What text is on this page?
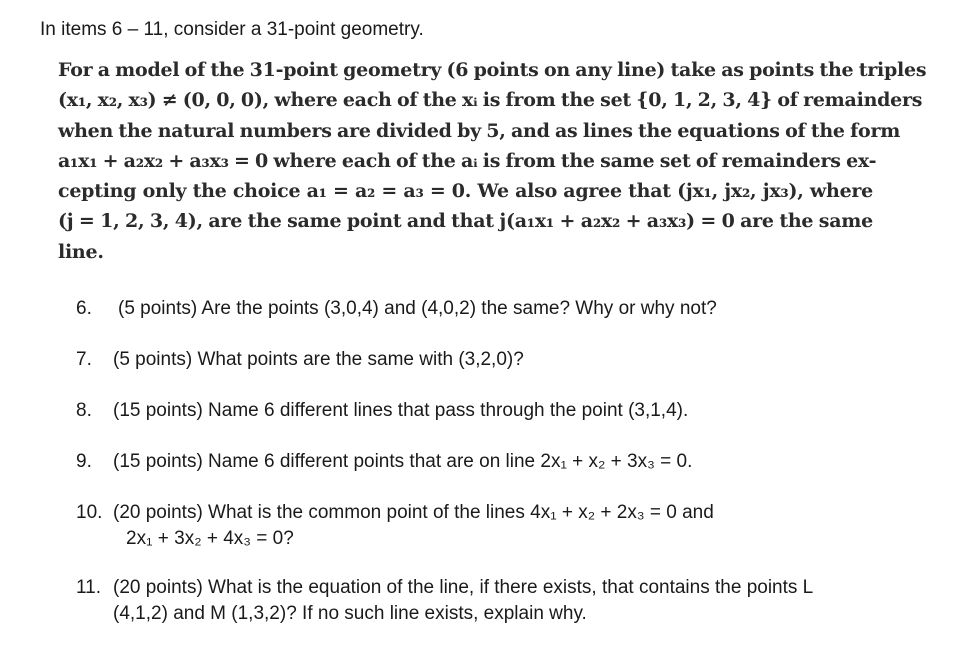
In items 6 – 11, consider a 31-point geometry.
For a model of the 31-point geometry (6 points on any line) take as points the triples
(x₁, x₂, x₃) ≠ (0, 0, 0), where each of the xᵢ is from the set {0, 1, 2, 3, 4} of remainders
when the natural numbers are divided by 5, and as lines the equations of the form
a₁x₁ + a₂x₂ + a₃x₃ = 0 where each of the aᵢ is from the same set of remainders ex-
cepting only the choice a₁ = a₂ = a₃ = 0. We also agree that (jx₁, jx₂, jx₃), where
(j = 1, 2, 3, 4), are the same point and that j(a₁x₁ + a₂x₂ + a₃x₃) = 0 are the same
line.
6. (5 points) Are the points (3,0,4) and (4,0,2) the same? Why or why not?
7. (5 points) What points are the same with (3,2,0)?
8. (15 points) Name 6 different lines that pass through the point (3,1,4).
9. (15 points) Name 6 different points that are on line 2x₁ + x₂ + 3x₃ = 0.
10. (20 points) What is the common point of the lines 4x₁ + x₂ + 2x₃ = 0 and
2x₁ + 3x₂ + 4x₃ = 0?
11. (20 points) What is the equation of the line, if there exists, that contains the points L
(4,1,2) and M (1,3,2)? If no such line exists, explain why.
